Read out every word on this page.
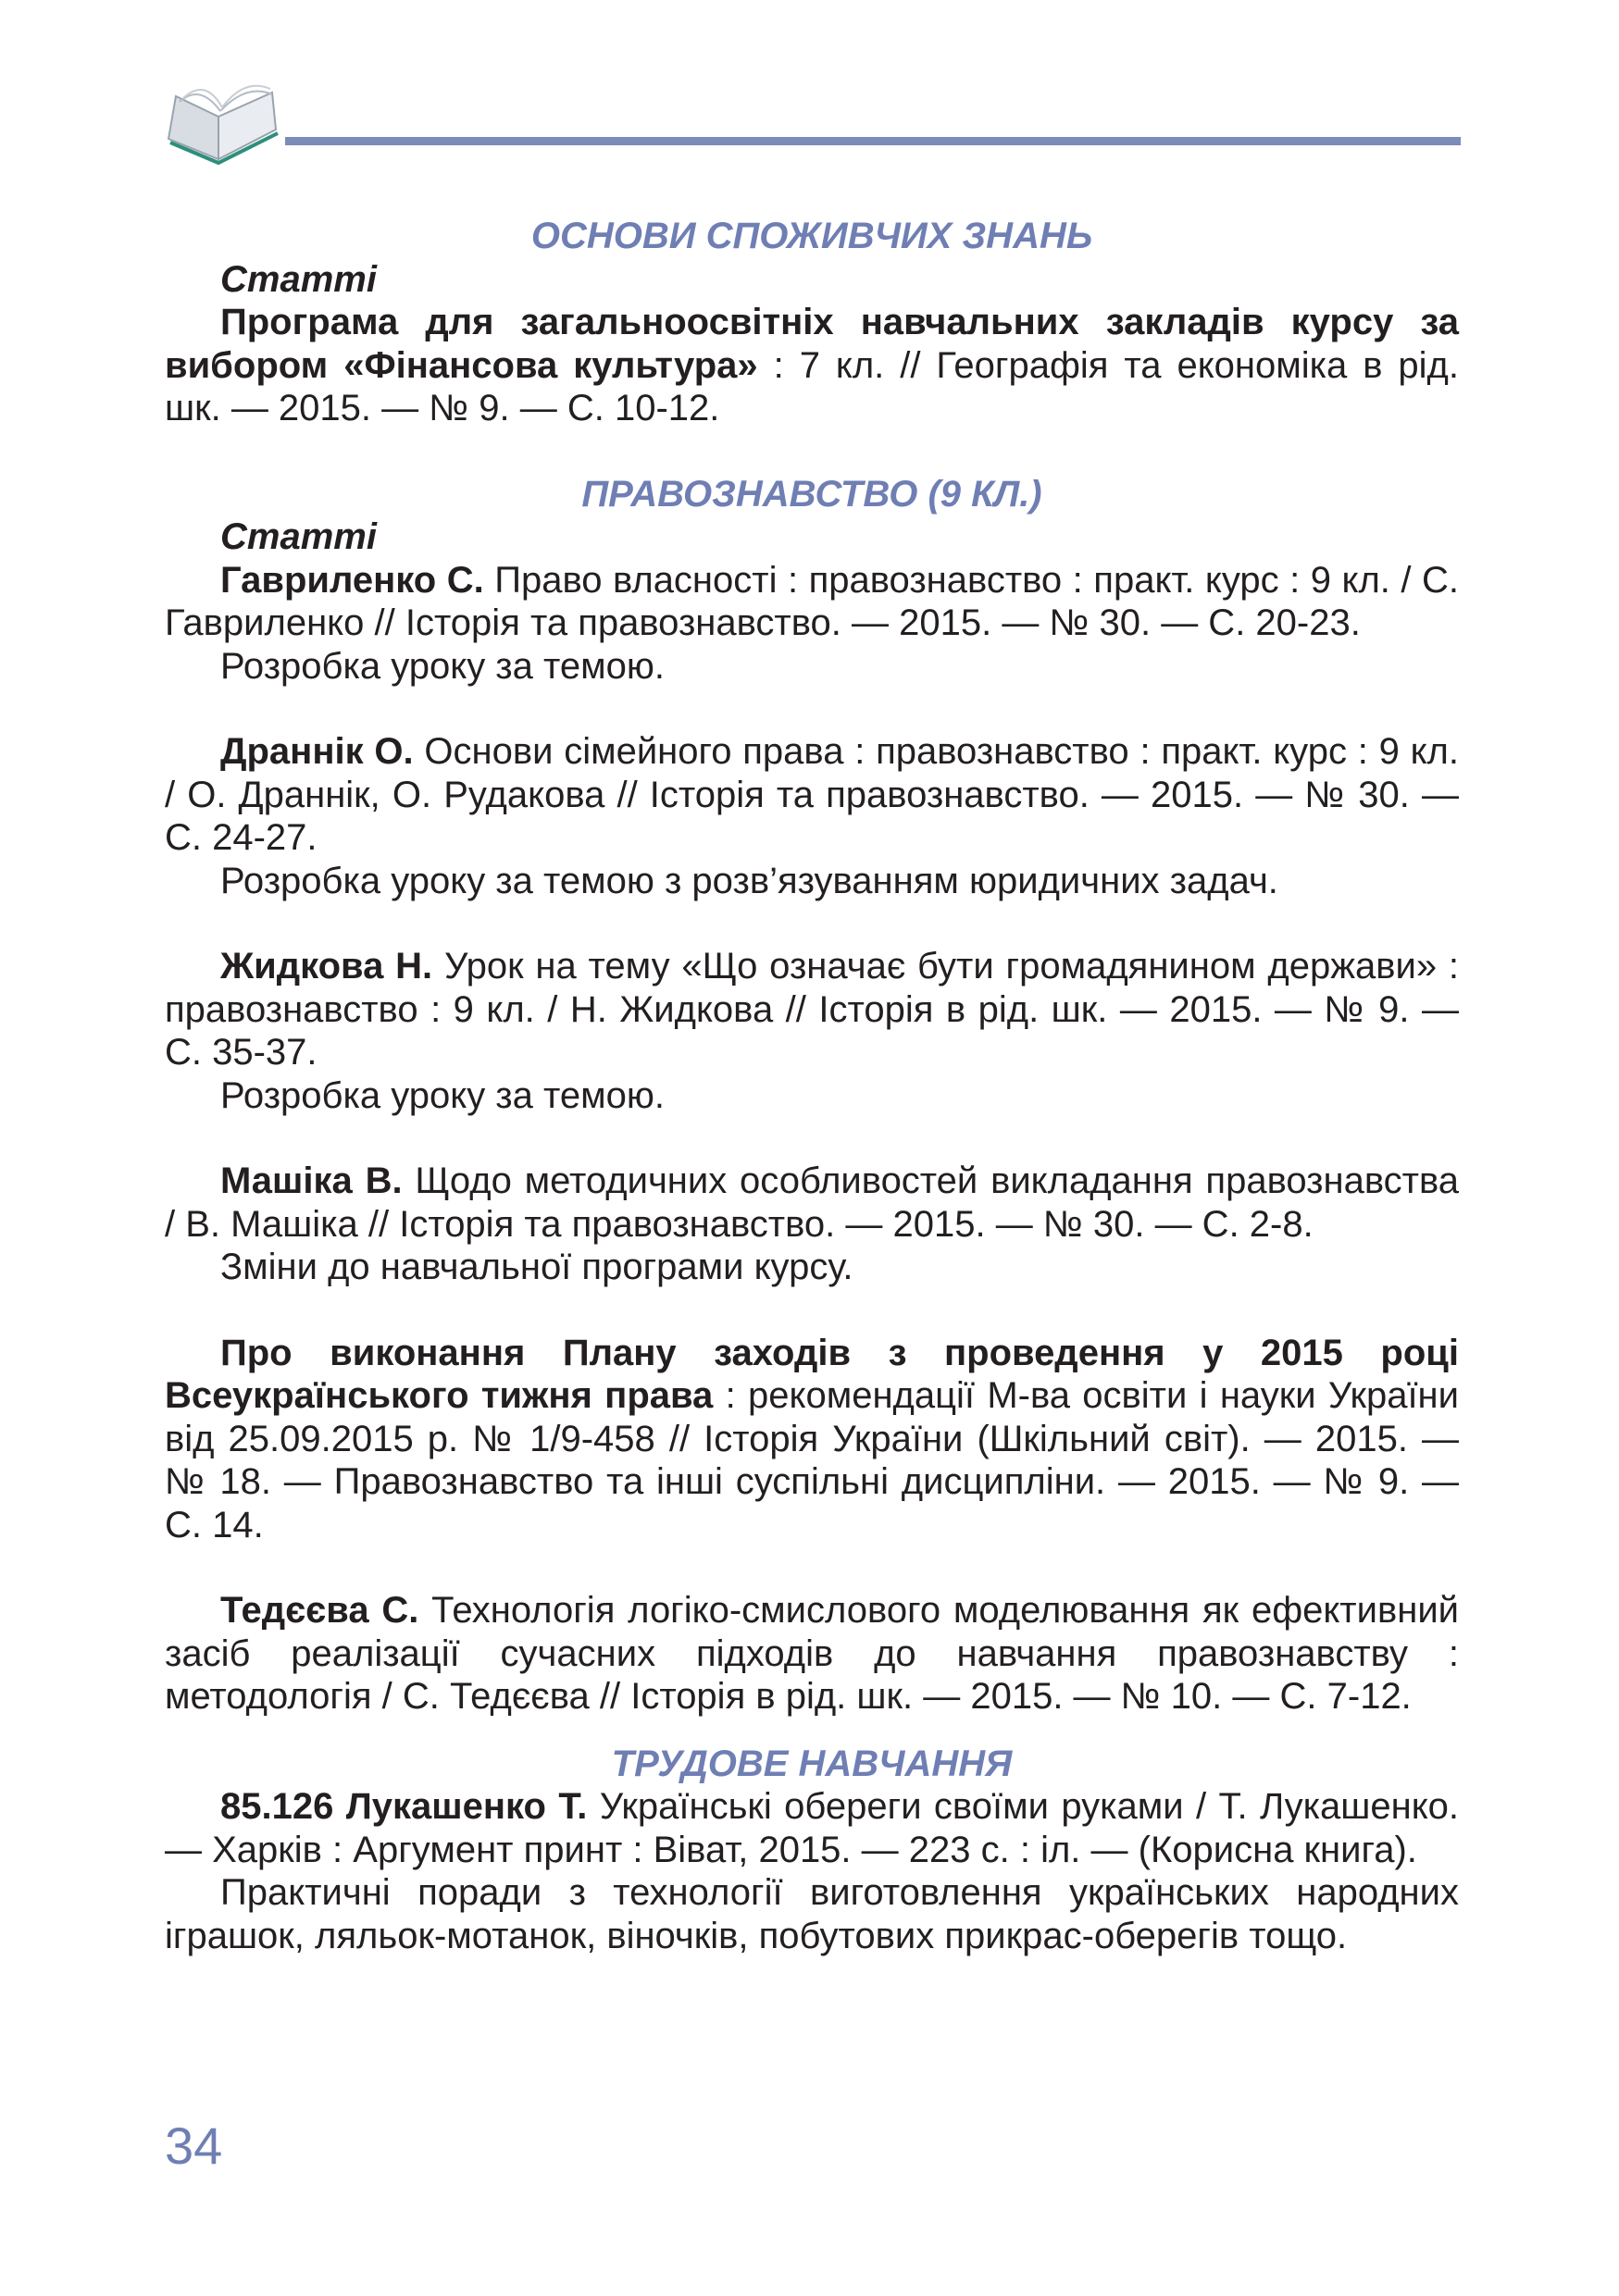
ОСНОВИ СПОЖИВЧИХ ЗНАНЬ

Статті

Програма для загальноосвітніх навчальних закладів курсу за вибором «Фінансова культура» : 7 кл. // Географія та економіка в рід. шк. — 2015. — № 9. — С. 10-12.

ПРАВОЗНАВСТВО (9 КЛ.)

Статті

Гавриленко С. Право власності : правознавство : практ. курс : 9 кл. / С. Гавриленко // Історія та правознавство. — 2015. — № 30. — С. 20-23.

Розробка уроку за темою.

Драннік О. Основи сімейного права : правознавство : практ. курс : 9 кл. / О. Драннік, О. Рудакова // Історія та правознавство. — 2015. — № 30. — С. 24-27.

Розробка уроку за темою з розв’язуванням юридичних задач.

Жидкова Н. Урок на тему «Що означає бути громадянином держави» : правознавство : 9 кл. / Н. Жидкова // Історія в рід. шк. — 2015. — № 9. — С. 35-37.

Розробка уроку за темою.

Машіка В. Щодо методичних особливостей викладання правознавства / В. Машіка // Історія та правознавство. — 2015. — № 30. — С. 2-8.

Зміни до навчальної програми курсу.

Про виконання Плану заходів з проведення у 2015 році Всеукраїнського тижня права : рекомендації М-ва освіти і науки України від 25.09.2015 р. № 1/9-458 // Історія України (Шкільний світ). — 2015. — № 18. — Правознавство та інші суспільні дисципліни. — 2015. — № 9. — С. 14.

Тедєєва С. Технологія логіко-смислового моделювання як ефективний засіб реалізації сучасних підходів до навчання правознавству : методологія / С. Тедєєва // Історія в рід. шк. — 2015. — № 10. — С. 7-12.

ТРУДОВЕ НАВЧАННЯ

85.126 Лукашенко Т. Українські обереги своїми руками / Т. Лукашенко. — Харків : Аргумент принт : Віват, 2015. — 223 с. : іл. — (Корисна книга).

Практичні поради з технології виготовлення українських народних іграшок, ляльок-мотанок, віночків, побутових прикрас-оберегів тощо.

34
